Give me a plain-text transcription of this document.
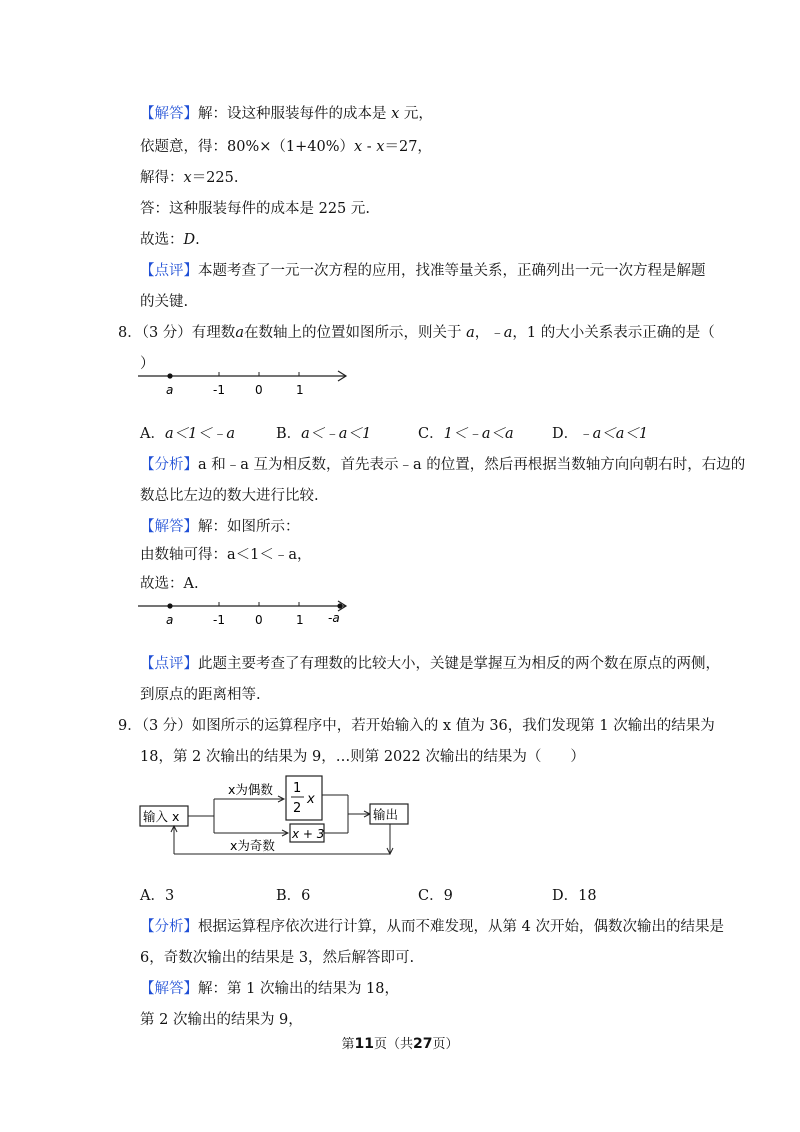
【解答】解：设这种服装每件的成本是 x 元，
依题意，得：80%×（1+40%）x - x＝27，
解得：x＝225.
答：这种服装每件的成本是 225 元.
故选：D.
【点评】本题考查了一元一次方程的应用，找准等量关系，正确列出一元一次方程是解题
的关键.
8．（3 分）有理数a在数轴上的位置如图所示，则关于 a，﹣a，1 的大小关系表示正确的是（
）
a	-1	0	1
A．a＜1＜﹣a	B．a＜﹣a＜1	C．1＜﹣a＜a	D．﹣a＜a＜1
【分析】a 和﹣a 互为相反数，首先表示﹣a 的位置，然后再根据当数轴方向向朝右时，右边的
数总比左边的数大进行比较.
【解答】解：如图所示：
由数轴可得：a＜1＜﹣a，
故选：A.
a	-1	0	1 -a
【点评】此题主要考查了有理数的比较大小，关键是掌握互为相反的两个数在原点的两侧，
到原点的距离相等.
9．（3 分）如图所示的运算程序中，若开始输入的 x 值为 36，我们发现第 1 次输出的结果为
18，第 2 次输出的结果为 9，…则第 2022 次输出的结果为（　　）
输入 x
x为偶数
x为奇数
1
2
x
x + 3
输出
A．3	B．6	C．9	D．18
【分析】根据运算程序依次进行计算，从而不难发现，从第 4 次开始，偶数次输出的结果是
6，奇数次输出的结果是 3，然后解答即可.
【解答】解：第 1 次输出的结果为 18，
第 2 次输出的结果为 9，
第11页（共27页）
